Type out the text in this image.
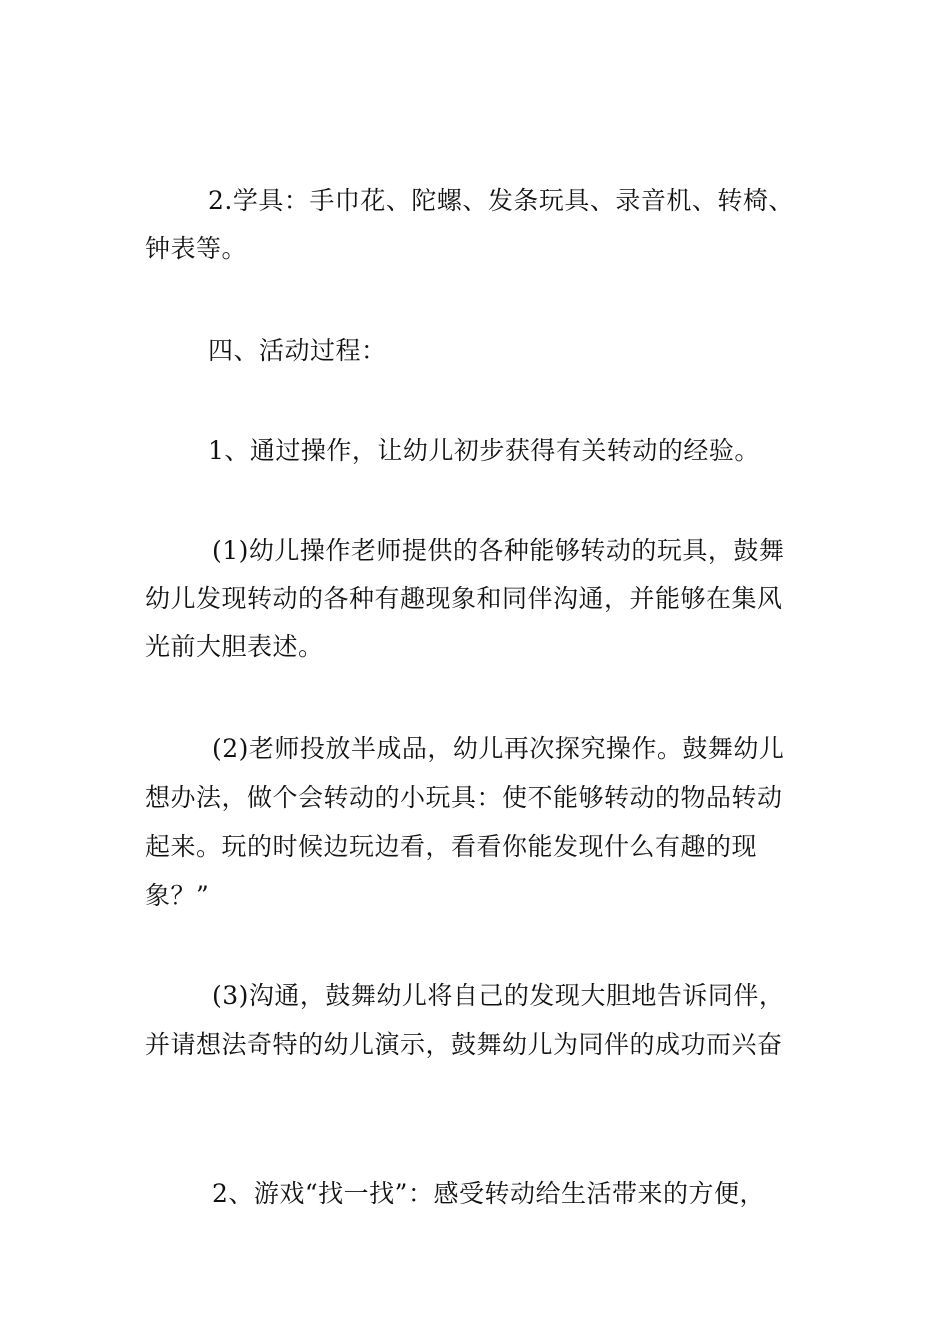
2.学具：手巾花、陀螺、发条玩具、录音机、转椅、
钟表等。
四、活动过程：
1、通过操作，让幼儿初步获得有关转动的经验。
(1)幼儿操作老师提供的各种能够转动的玩具，鼓舞
幼儿发现转动的各种有趣现象和同伴沟通，并能够在集风
光前大胆表述。
(2)老师投放半成品，幼儿再次探究操作。鼓舞幼儿
想办法，做个会转动的小玩具：使不能够转动的物品转动
起来。玩的时候边玩边看，看看你能发现什么有趣的现
象？”
(3)沟通，鼓舞幼儿将自己的发现大胆地告诉同伴，
并请想法奇特的幼儿演示，鼓舞幼儿为同伴的成功而兴奋
2、游戏“找一找”：感受转动给生活带来的方便，
